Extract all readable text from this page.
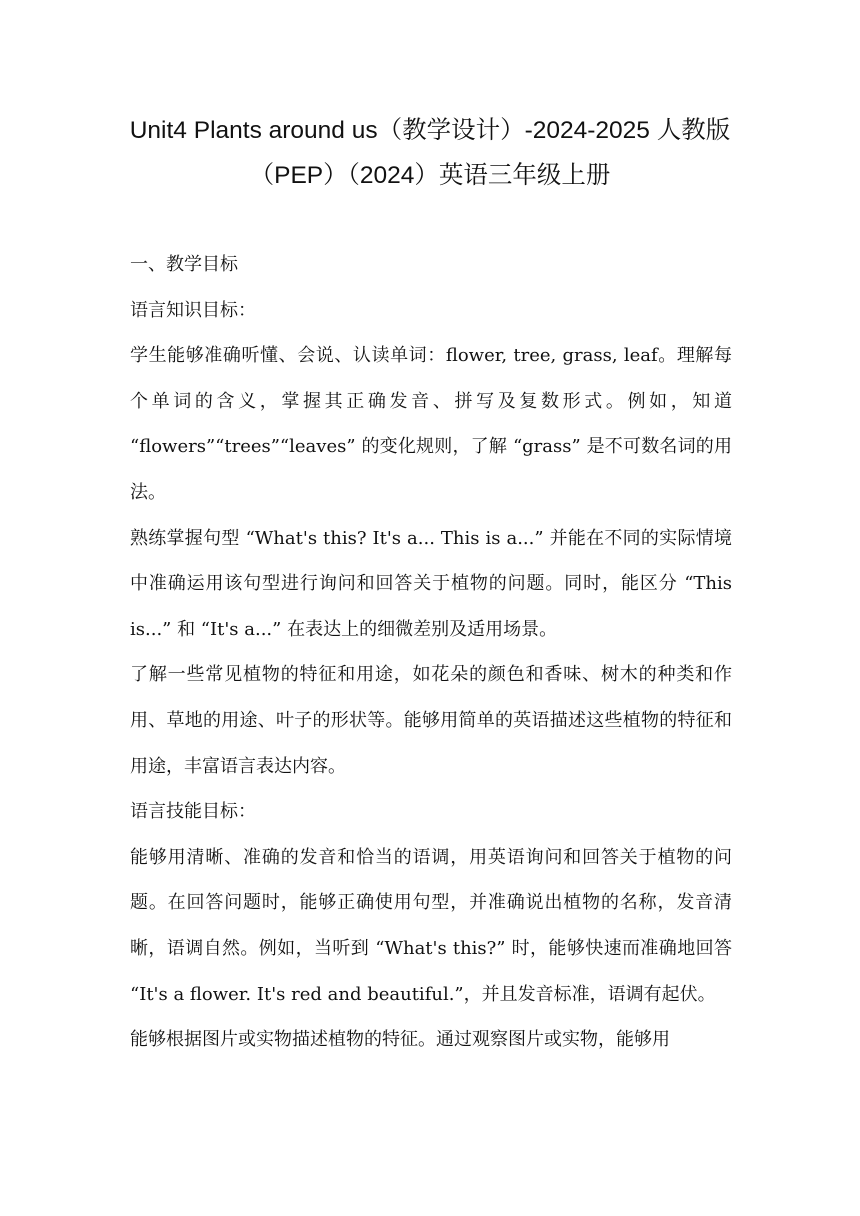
Unit4 Plants around us（教学设计）-2024-2025 人教版
（PEP）（2024）英语三年级上册

一、教学目标

语言知识目标：

学生能够准确听懂、会说、认读单词：flower, tree, grass, leaf。理解每个单词的含义，掌握其正确发音、拼写及复数形式。例如，知道 “flowers”“trees”“leaves” 的变化规则，了解 “grass” 是不可数名词的用法。

熟练掌握句型 “What's this? It's a... This is a...” 并能在不同的实际情境中准确运用该句型进行询问和回答关于植物的问题。同时，能区分 “This is...” 和 “It's a...” 在表达上的细微差别及适用场景。

了解一些常见植物的特征和用途，如花朵的颜色和香味、树木的种类和作用、草地的用途、叶子的形状等。能够用简单的英语描述这些植物的特征和用途，丰富语言表达内容。

语言技能目标：

能够用清晰、准确的发音和恰当的语调，用英语询问和回答关于植物的问题。在回答问题时，能够正确使用句型，并准确说出植物的名称，发音清晰，语调自然。例如，当听到 “What's this?” 时，能够快速而准确地回答 “It's a flower. It's red and beautiful.”，并且发音标准，语调有起伏。

能够根据图片或实物描述植物的特征。通过观察图片或实物，能够用
